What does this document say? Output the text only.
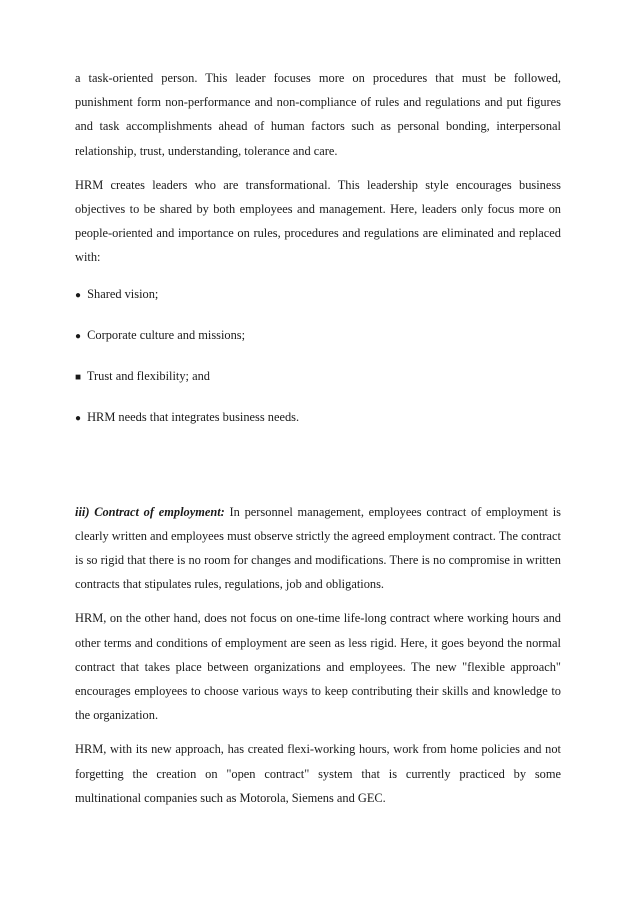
a task-oriented person. This leader focuses more on procedures that must be followed, punishment form non-performance and non-compliance of rules and regulations and put figures and task accomplishments ahead of human factors such as personal bonding, interpersonal relationship, trust, understanding, tolerance and care.

HRM creates leaders who are transformational. This leadership style encourages business objectives to be shared by both employees and management. Here, leaders only focus more on people-oriented and importance on rules, procedures and regulations are eliminated and replaced with:

● Shared vision;

● Corporate culture and missions;

■ Trust and flexibility; and

● HRM needs that integrates business needs.

iii) Contract of employment: In personnel management, employees contract of employment is clearly written and employees must observe strictly the agreed employment contract. The contract is so rigid that there is no room for changes and modifications. There is no compromise in written contracts that stipulates rules, regulations, job and obligations.

HRM, on the other hand, does not focus on one-time life-long contract where working hours and other terms and conditions of employment are seen as less rigid. Here, it goes beyond the normal contract that takes place between organizations and employees. The new "flexible approach" encourages employees to choose various ways to keep contributing their skills and knowledge to the organization.

HRM, with its new approach, has created flexi-working hours, work from home policies and not forgetting the creation on "open contract" system that is currently practiced by some multinational companies such as Motorola, Siemens and GEC.
